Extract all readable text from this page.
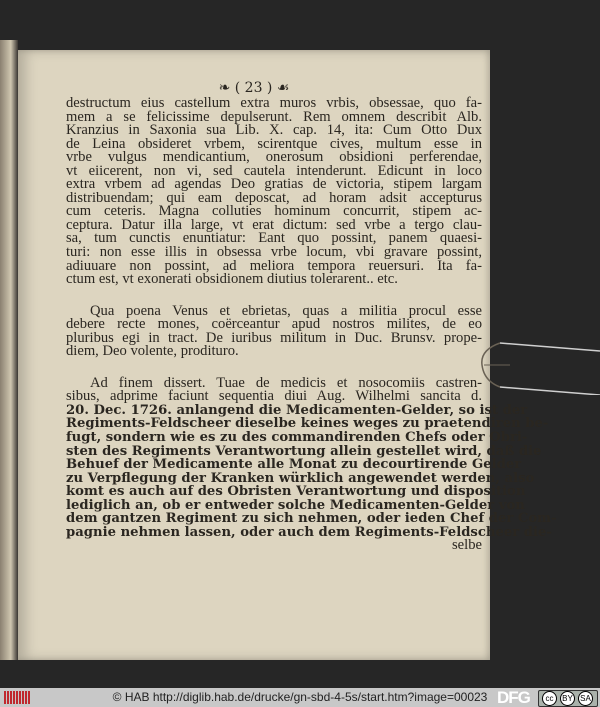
❧ ( 23 ) ☙
destructum eius castellum extra muros vrbis, obsessae, quo fa-
mem a se felicissime depulserunt. Rem omnem describit Alb.
Kranzius in Saxonia sua Lib. X. cap. 14, ita: Cum Otto Dux
de Leina obsideret vrbem, scirentque cives, multum esse in
vrbe vulgus mendicantium, onerosum obsidioni perferendae,
vt eiicerent, non vi, sed cautela intenderunt. Edicunt in loco
extra vrbem ad agendas Deo gratias de victoria, stipem largam
distribuendam; qui eam deposcat, ad horam adsit accepturus
cum ceteris. Magna colluties hominum concurrit, stipem ac-
ceptura. Datur illa large, vt erat dictum: sed vrbe a tergo clau-
sa, tum cunctis enuntiatur: Eant quo possint, panem quaesi-
turi: non esse illis in obsessa vrbe locum, vbi gravare possint,
adiuuare non possint, ad meliora tempora reuersuri. Ita fa-
ctum est, vt exonerati obsidionem diutius tolerarent.. etc.
Qua poena Venus et ebrietas, quas a militia procul esse
debere recte mones, coërceantur apud nostros milites, de eo
pluribus egi in tract. De iuribus militum in Duc. Brunsv. prope-
diem, Deo volente, prodituro.
Ad finem dissert. Tuae de medicis et nosocomiis castren-
sibus, adprime faciunt sequentia diui Aug. Wilhelmi sancita d.
20. Dec. 1726. anlangend die Medicamenten-Gelder, so ist der
Regiments-Feldscheer dieselbe keines weges zu praetendiren be-
fugt, sondern wie es zu des commandirenden Chefs oder Obri-
sten des Regiments Verantwortung allein gestellet wird, daß die
Behuef der Medicamente alle Monat zu decourtirende Gelder
zu Verpflegung der Kranken würklich angewendet werden, also
komt es auch auf des Obristen Verantwortung und disposition
lediglich an, ob er entweder solche Medicamenten-Gelder von
dem gantzen Regiment zu sich nehmen, oder ieden Chef der Com-
pagnie nehmen lassen, oder auch dem Regiments-Feldscheer die-
selbe
© HAB http://diglib.hab.de/drucke/gn-sbd-4-5s/start.htm?image=00023 DFG	cc BY SA
